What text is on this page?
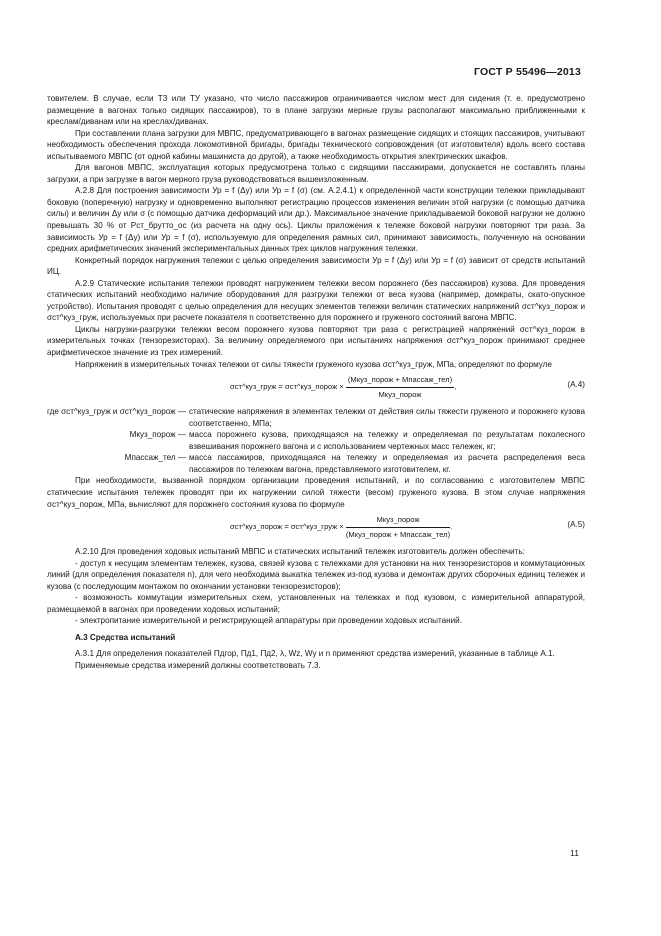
ГОСТ Р 55496—2013

товителем. В случае, если ТЗ или ТУ указано, что число пассажиров ограничивается числом мест для сидения (т. е. предусмотрено размещение в вагонах только сидящих пассажиров), то в плане загрузки мерные грузы располагают максимально приближенными к креслам/диванам или на креслах/диванах.

При составлении плана загрузки для МВПС, предусматривающего в вагонах размещение сидящих и стоящих пассажиров, учитывают необходимость обеспечения прохода локомотивной бригады, бригады технического сопровождения (от изготовителя) вдоль всего состава испытываемого МВПС (от одной кабины машиниста до другой), а также необходимость открытия электрических шкафов.

Для вагонов МВПС, эксплуатация которых предусмотрена только с сидящими пассажирами, допускается не составлять планы загрузки, а при загрузке в вагон мерного груза руководствоваться вышеизложенным.

А.2.8 Для построения зависимости Ур = f (Δу) или Ур = f (σ) (см. А.2.4.1) к определенной части конструкции тележки прикладывают боковую (поперечную) нагрузку и одновременно выполняют регистрацию процессов изменения величин этой нагрузки (с помощью датчика силы) и величин Δу или σ (с помощью датчика деформаций или др.). Максимальное значение прикладываемой боковой нагрузки не должно превышать 30 % от Рст_брутто_ос (из расчета на одну ось). Циклы приложения к тележке боковой нагрузки повторяют три раза. За зависимость Ур = f (Δу) или Ур = f (σ), используемую для определения рамных сил, принимают зависимость, полученную на основании средних арифметических значений экспериментальных данных трех циклов нагружения тележки.

Конкретный порядок нагружения тележки с целью определения зависимости Ур = f (Δу) или Ур = f (σ) зависит от средств испытаний ИЦ.

А.2.9 Статические испытания тележки проводят нагружением тележки весом порожнего (без пассажиров) кузова. Для проведения статических испытаний необходимо наличие оборудования для разгрузки тележки от веса кузова (например, домкраты, скато-опускное устройство). Испытания проводят с целью определения для несущих элементов тележки величин статических напряжений σст^куз_порож и σст^куз_груж, используемых при расчете показателя n соответственно для порожнего и груженого состояний вагона МВПС.

Циклы нагрузки-разгрузки тележки весом порожнего кузова повторяют три раза с регистрацией напряжений σст^куз_порож в измерительных точках (тензорезисторах). За величину определяемого при испытаниях напряжения σст^куз_порож принимают среднее арифметическое значение из трех измерений.

Напряжения в измерительных точках тележки от силы тяжести груженого кузова σст^куз_груж, МПа, определяют по формуле

σст^куз_груж = σст^куз_порож × $\frac{\text{(Мкуз\_порож + Мпассаж\_тел)}}{\text{Мкуз\_порож}}$ ,	(А.4)
где σст^куз_груж и σст^куз_порож —	статические напряжения в элементах тележки от действия силы тяжести груженого и порожнего кузова соответственно, МПа;
Мкуз_порож —	масса порожнего кузова, приходящаяся на тележку и определяемая по результатам поколесного взвешивания порожнего вагона и с использованием чертежных масс тележек, кг;
Мпассаж_тел —	масса пассажиров, приходящаяся на тележку и определяемая из расчета распределения веса пассажиров по тележкам вагона, представляемого изготовителем, кг.

При необходимости, вызванной порядком организации проведения испытаний, и по согласованию с изготовителем МВПС статические испытания тележек проводят при их нагружении силой тяжести (весом) груженого кузова. В этом случае напряжения σст^куз_порож, МПа, вычисляют для порожнего состояния кузова по формуле

σст^куз_порож = σст^куз_груж × $\frac{\text{Мкуз\_порож}}{\text{(Мкуз\_порож + Мпассаж\_тел)}}$ .	(А.5)

А.2.10 Для проведения ходовых испытаний МВПС и статических испытаний тележек изготовитель должен обеспечить:

- доступ к несущим элементам тележек, кузова, связей кузова с тележками для установки на них тензорезисторов и коммутационных линий (для определения показателя n), для чего необходима выкатка тележек из-под кузова и демонтаж других сборочных единиц тележек и кузова (с последующим монтажом по окончании установки тензорезисторов);

- возможность коммутации измерительных схем, установленных на тележках и под кузовом, с измерительной аппаратурой, размещаемой в вагонах при проведении ходовых испытаний;

- электропитание измерительной и регистрирующей аппаратуры при проведении ходовых испытаний.

А.3 Средства испытаний

А.3.1 Для определения показателей Пдгор, Пд1, Пд2, λ, Wz, Wy и n применяют средства измерений, указанные в таблице А.1.

Применяемые средства измерений должны соответствовать 7.3.

11
